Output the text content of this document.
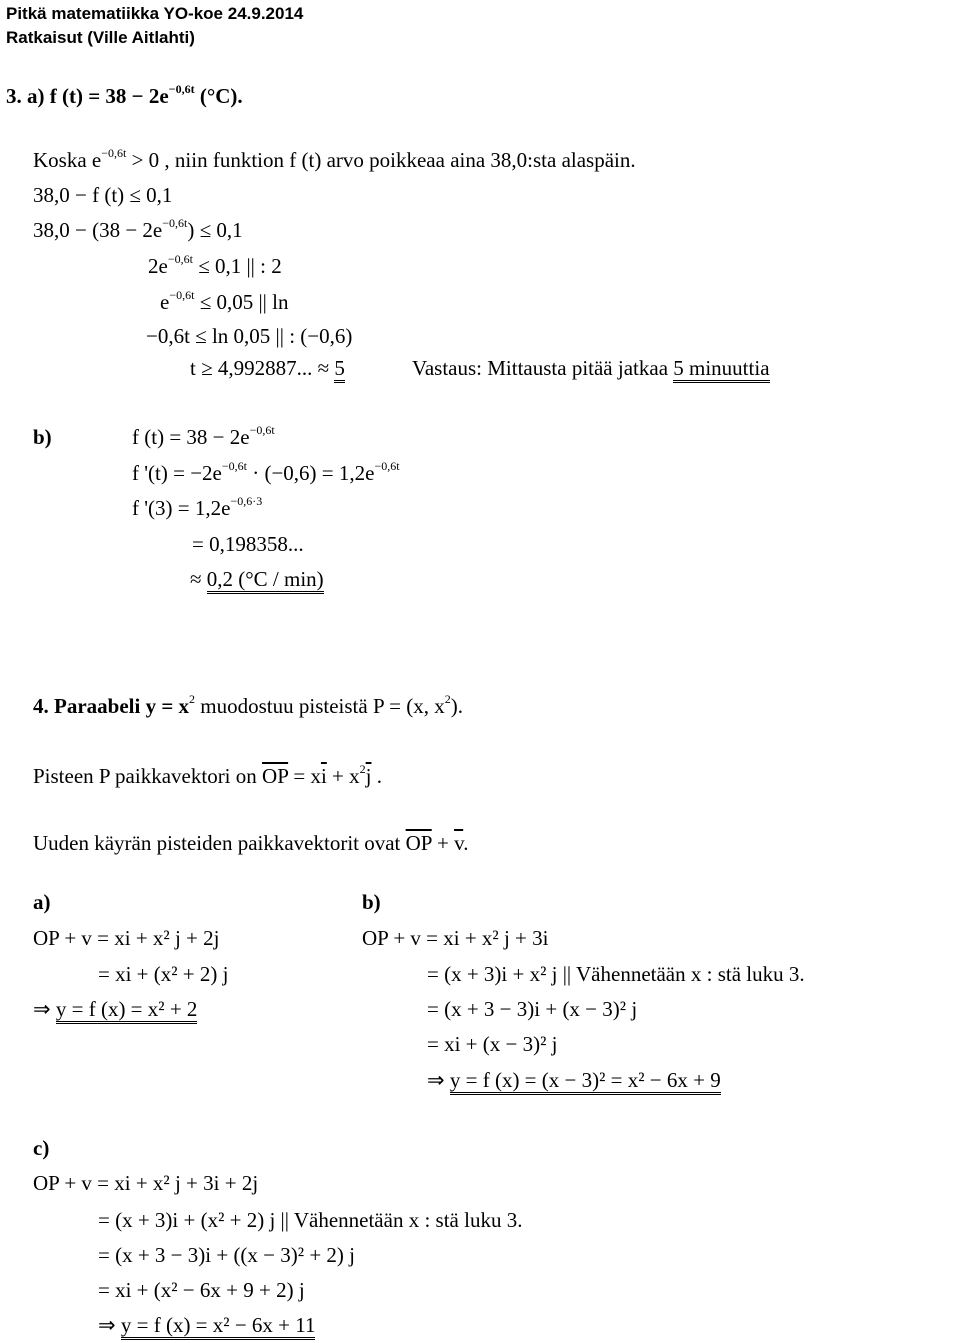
Pitkä matematiikka YO-koe 24.9.2014
Ratkaisut (Ville Aitlahti)
3. a) f $(t) = 38 - 2e^{-0,6t}$ (°C).
Koska $e^{-0,6t} > 0$ , niin funktion f (t) arvo poikkeaa aina 38,0:sta alaspäin.
38,0 − f (t) ≤ 0,1
$38,0 - (38 - 2e^{-0,6t}) \le 0,1$
$2e^{-0,6t} \le 0,1$ || : 2
$e^{-0,6t} \le 0,05$ || ln
−0,6t ≤ ln 0,05 || : (−0,6)
t ≥ 4,992887... ≈ 5	Vastaus: Mittausta pitää jatkaa 5 minuuttia
b)	f $(t) = 38 - 2e^{-0,6t}$
f '$(t) = -2e^{-0,6t} \cdot (-0,6) = 1,2e^{-0,6t}$
f '$(3) = 1,2e^{-0,6\cdot 3}$
= 0,198358...
≈ 0,2 (°C / min)
4. Paraabeli $y = x^2$ muodostuu pisteistä P = (x, $x^2$).
Pisteen P paikkavektori on $\overline{OP} = x\overline{i} + x^2\overline{j}$ .
Uuden käyrän pisteiden paikkavektorit ovat $\overline{OP} + \overline{v}$.
a)
OP + v = xi + x² j + 2j
= xi + (x² + 2) j
⇒ y = f (x) = x² + 2
b)
OP + v = xi + x² j + 3i
= (x + 3)i + x² j || Vähennetään x : stä luku 3.
= (x + 3 − 3)i + (x − 3)² j
= xi + (x − 3)² j
⇒ y = f (x) = (x − 3)² = x² − 6x + 9
c)
OP + v = xi + x² j + 3i + 2j
= (x + 3)i + (x² + 2) j || Vähennetään x : stä luku 3.
= (x + 3 − 3)i + ((x − 3)² + 2) j
= xi + (x² − 6x + 9 + 2) j
⇒ y = f (x) = x² − 6x + 11
